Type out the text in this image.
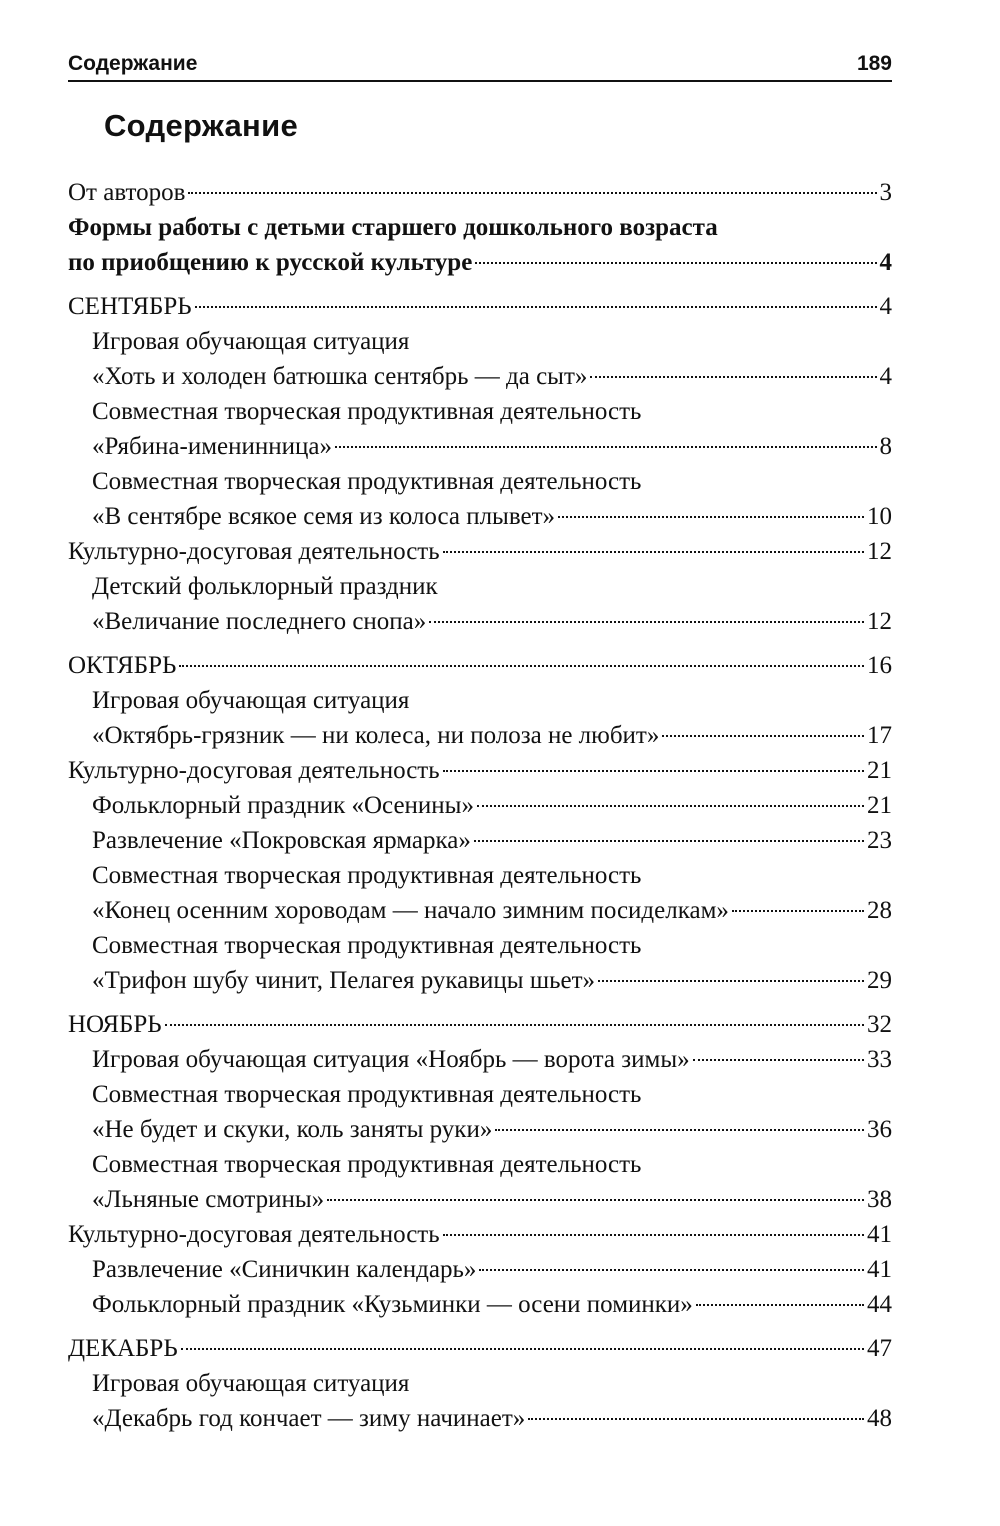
Содержание	189
Содержание
От авторов	3
Формы работы с детьми старшего дошкольного возраста
по приобщению к русской культуре	4
СЕНТЯБРЬ	4
Игровая обучающая ситуация
«Хоть и холоден батюшка сентябрь — да сыт»	4
Совместная творческая продуктивная деятельность
«Рябина-именинница»	8
Совместная творческая продуктивная деятельность
«В сентябре всякое семя из колоса плывет»	10
Культурно-досуговая деятельность	12
Детский фольклорный праздник
«Величание последнего снопа»	12
ОКТЯБРЬ	16
Игровая обучающая ситуация
«Октябрь-грязник — ни колеса, ни полоза не любит»	17
Культурно-досуговая деятельность	21
Фольклорный праздник «Осенины»	21
Развлечение «Покровская ярмарка»	23
Совместная творческая продуктивная деятельность
«Конец осенним хороводам — начало зимним посиделкам»	28
Совместная творческая продуктивная деятельность
«Трифон шубу чинит, Пелагея рукавицы шьет»	29
НОЯБРЬ	32
Игровая обучающая ситуация «Ноябрь — ворота зимы»	33
Совместная творческая продуктивная деятельность
«Не будет и скуки, коль заняты руки»	36
Совместная творческая продуктивная деятельность
«Льняные смотрины»	38
Культурно-досуговая деятельность	41
Развлечение «Синичкин календарь»	41
Фольклорный праздник «Кузьминки — осени поминки»	44
ДЕКАБРЬ	47
Игровая обучающая ситуация
«Декабрь год кончает — зиму начинает»	48
